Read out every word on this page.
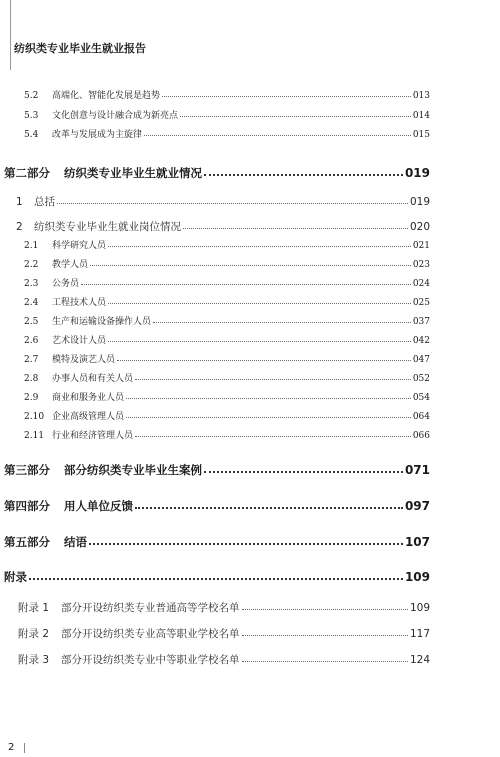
纺织类专业毕业生就业报告
5.2	高端化、智能化发展是趋势	013
5.3	文化创意与设计融合成为新亮点	014
5.4	改革与发展成为主旋律	015
第二部分 纺织类专业毕业生就业情况	019
1	总括	019
2	纺织类专业毕业生就业岗位情况	020
2.1	科学研究人员	021
2.2	教学人员	023
2.3	公务员	024
2.4	工程技术人员	025
2.5	生产和运输设备操作人员	037
2.6	艺术设计人员	042
2.7	模特及演艺人员	047
2.8	办事人员和有关人员	052
2.9	商业和服务业人员	054
2.10 企业高级管理人员	064
2.11 行业和经济管理人员	066
第三部分 部分纺织类专业毕业生案例	071
第四部分 用人单位反馈	097
第五部分 结语	107
附录	109
附录 1 部分开设纺织类专业普通高等学校名单	109
附录 2 部分开设纺织类专业高等职业学校名单	117
附录 3 部分开设纺织类专业中等职业学校名单	124
2
